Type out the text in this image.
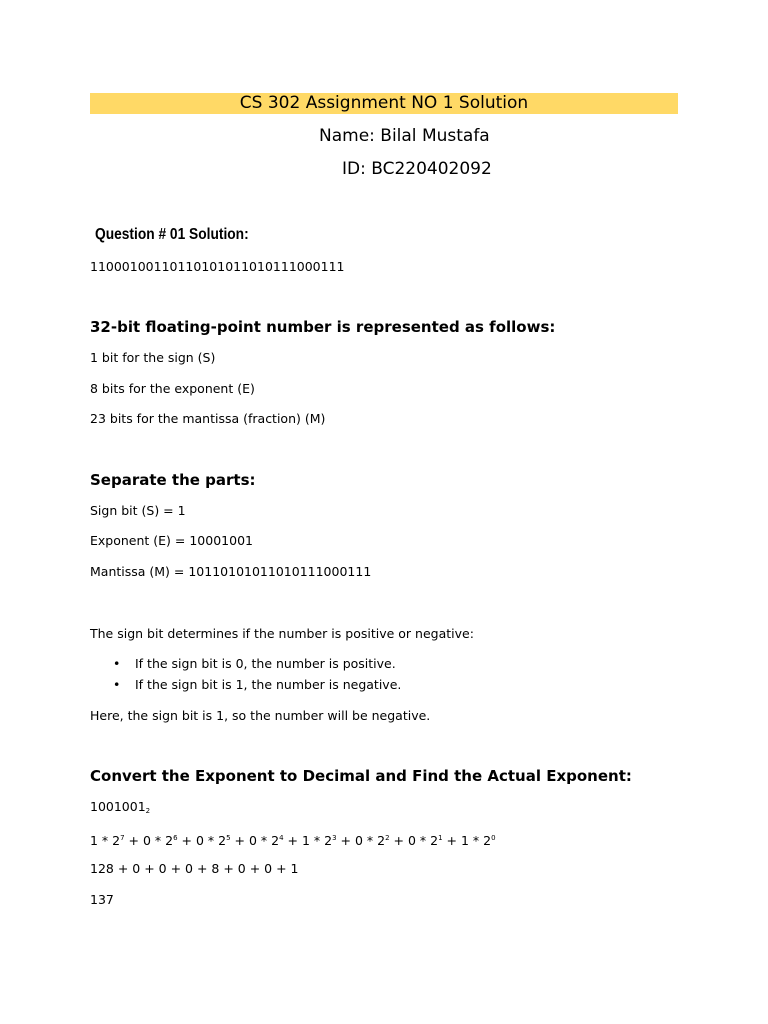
CS 302 Assignment NO 1 Solution
Name: Bilal Mustafa
ID: BC220402092
Question # 01 Solution:
11000100110110101011010111000111
32-bit floating-point number is represented as follows:
1 bit for the sign (S)
8 bits for the exponent (E)
23 bits for the mantissa (fraction) (M)
Separate the parts:
Sign bit (S) = 1
Exponent (E) = 10001001
Mantissa (M) = 10110101011010111000111
The sign bit determines if the number is positive or negative:
• If the sign bit is 0, the number is positive.
• If the sign bit is 1, the number is negative.
Here, the sign bit is 1, so the number will be negative.
Convert the Exponent to Decimal and Find the Actual Exponent:
$1001001_2$
$1 * 2^7 + 0 * 2^6 + 0 * 2^5 + 0 * 2^4 + 1 * 2^3 + 0 * 2^2 + 0 * 2^1 + 1 * 2^0$
128 + 0 + 0 + 0 + 8 + 0 + 0 + 1
137
